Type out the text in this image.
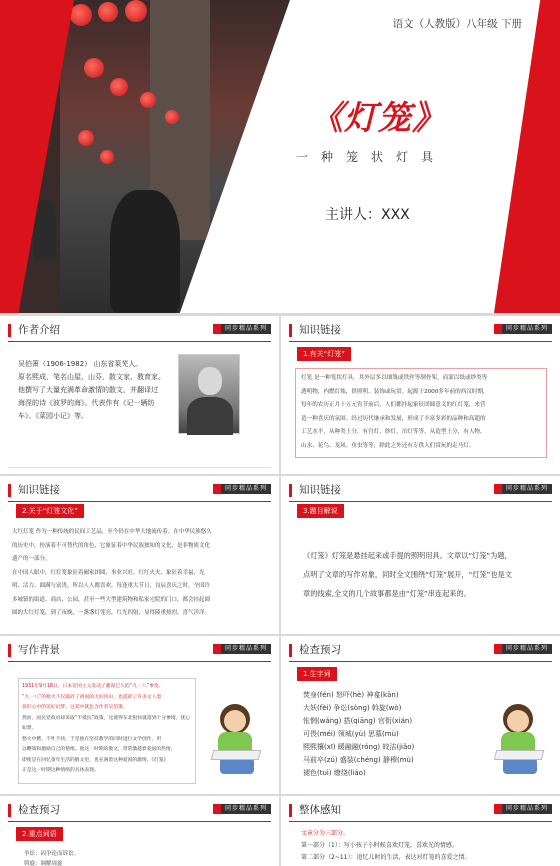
语文（人教版）八年级 下册
《灯笼》
一种笼状灯具
主讲人：XXX
作者介绍	同步精品系列
吴伯箫（1906-1982） 山东省莱芜人。
原名熙成，笔名山屋、山芬，散文家、教育家。
他撰写了大量充满革命激情的散文，并翻译过
海涅的诗《波罗的海》。代表作有《记一辆纺
车》、《菜园小记》等。
知识链接	同步精品系列
1.有关“灯笼”
灯笼 是一种笼状灯具，其外层多以细篾或铁丝等制骨架，而蒙以纸或纱类等
透明物，内燃灯烛，供照明、装饰或玩赏。起源于2000多年前的西汉时期，
每年的农历正月十五元宵节前后，人们都挂起象征团圆意义的红灯笼，来营
造一种喜庆的氛围。经过历代继承和发展，形成了丰富多彩的品种和高超的
工艺水平，从种类上分，有宫灯，纱灯，吊灯等等。从造型上分，有人物、
山水、花鸟、龙凤、鱼虫等等，除此之外还有专供人们赏玩的走马灯。
知识链接	同步精品系列
2.关于“灯笼文化”
大红灯笼 作为一种传统的民间工艺品，至今仍在中华大地流传着。在中华民族悠久
的历史中，扮演着不可替代的角色，它象征着中华民族独知的文化，是非物质文化
遗产的一部分。
在中国人眼中，红灯笼象征着阖家团圆、事业兴旺、红红火火，象征着幸福、光
明、活力、圆满与富贵，所以人人都喜欢。每逢重大节日，良辰喜庆之时，全国许
多城镇的街道、商店、公园，甚至一些大型建筑物和私家宅院的门口，都会挂起圆
圆的大红灯笼，到了夜晚，一盏盏灯笼亮，红光四射，显得隆重热烈，喜气洋洋。
知识链接	同步精品系列
3.题目解说
《灯笼》灯笼是悬挂起来或手提的照明用具。文章以“灯笼”为题，
点明了文章的写作对象，同时全文围绕“灯笼”展开，“灯笼”也是文
章的线索,全文的几个故事都是由“灯笼”串连起来的。
写作背景	同步精品系列
1931年9月18日，日本帝国主义发动了蓄谋已久的“九一八”事变。
“九一八”的枪火不仅震碎了祖国的大好河山，也震碎了许多文人墨
客们心中的美好幻梦。这其中就包含作者吴伯箫。
然而，国民党政府却采取“不抵抗”政策，这使得东北很快就落到十分惨境。忧心如焚、
愁火中燃，不吐不快。于是他在坚持教学的同时进行文学创作，用
以鞭策和激励自己的情绪。他这一时期的散文，常常激越着爱国的热情，
即使是在回忆童年生活的散文里，也充满着这种爱国的激情。《灯笼》
正是这一时期这种情绪的具体表现。
检查预习	同步精品系列
1.生字词
焚身(fén) 怒吓(hè) 神龛(kān)
大妖(fèi) 争讼(sòng) 斡旋(wò)
怅惘(wǎng) 搭(qiāng) 官衔(xián)
可畏(méi) 领城(yù) 思慕(mù)
熙熙攘(xī) 暖融融(róng) 皎洁(jiǎo)
马前卒(zú) 盛装(chéng) 静穆(mù)
褪色(tuì) 缭绕(liáo)
检查预习	同步精品系列
2.重点词语
争讼：因争论而诉讼。
斡旋：调解周旋
整体感知	同步精品系列
文章分为三部分。
第一部分（1）：写小孩子小时候喜欢灯笼，喜欢光的情感。
第二部分（2~11）：追忆儿时的生活，表达对灯笼的喜爱之情。
